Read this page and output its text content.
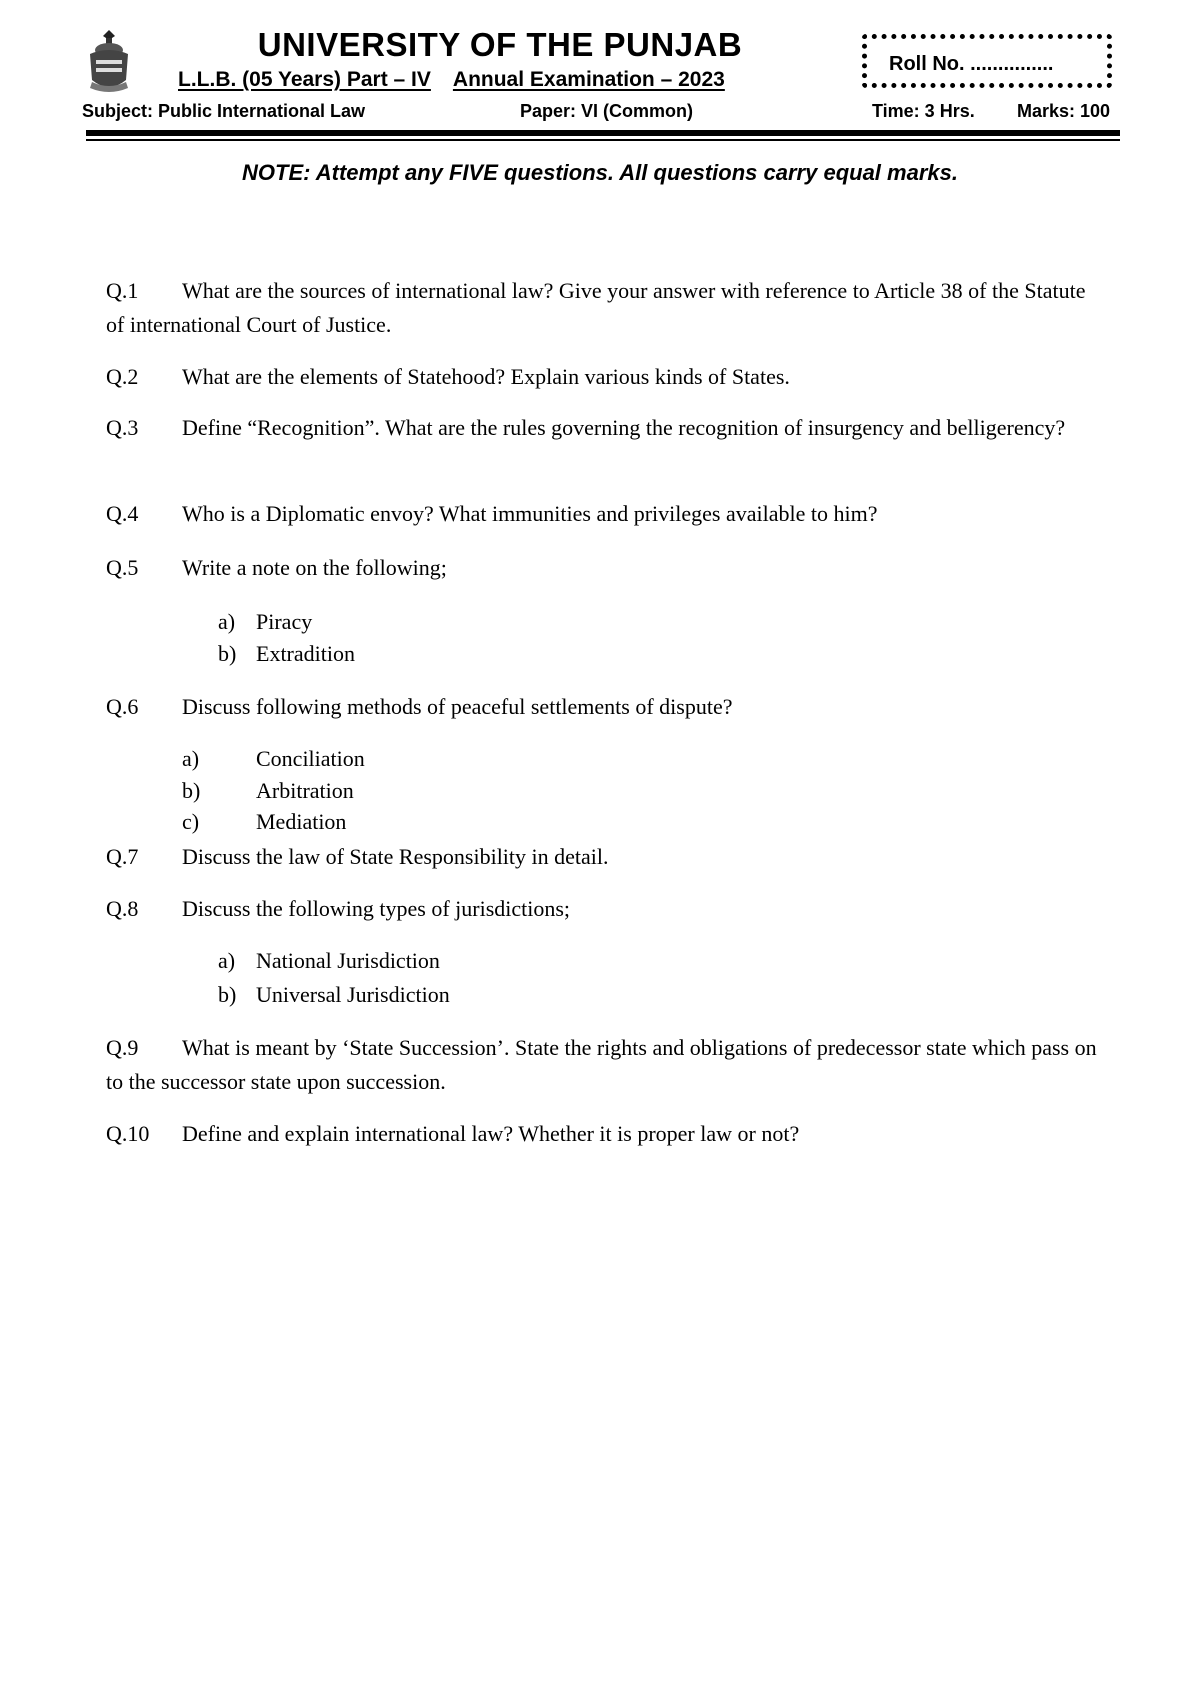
UNIVERSITY OF THE PUNJAB
L.L.B. (05 Years) Part – IV Annual Examination – 2023
Roll No. ...............
Subject: Public International Law	Paper: VI (Common)	Time: 3 Hrs. Marks: 100
NOTE: Attempt any FIVE questions. All questions carry equal marks.
Q.1 What are the sources of international law? Give your answer with reference to Article 38 of the Statute of international Court of Justice.
Q.2 What are the elements of Statehood? Explain various kinds of States.
Q.3 Define “Recognition”. What are the rules governing the recognition of insurgency and belligerency?
Q.4 Who is a Diplomatic envoy? What immunities and privileges available to him?
Q.5 Write a note on the following;
a) Piracy
b) Extradition
Q.6 Discuss following methods of peaceful settlements of dispute?
a)	Conciliation
b)	Arbitration
c)	Mediation
Q.7 Discuss the law of State Responsibility in detail.
Q.8 Discuss the following types of jurisdictions;
a) National Jurisdiction
b) Universal Jurisdiction
Q.9 What is meant by ‘State Succession’. State the rights and obligations of predecessor state which pass on to the successor state upon succession.
Q.10 Define and explain international law? Whether it is proper law or not?
